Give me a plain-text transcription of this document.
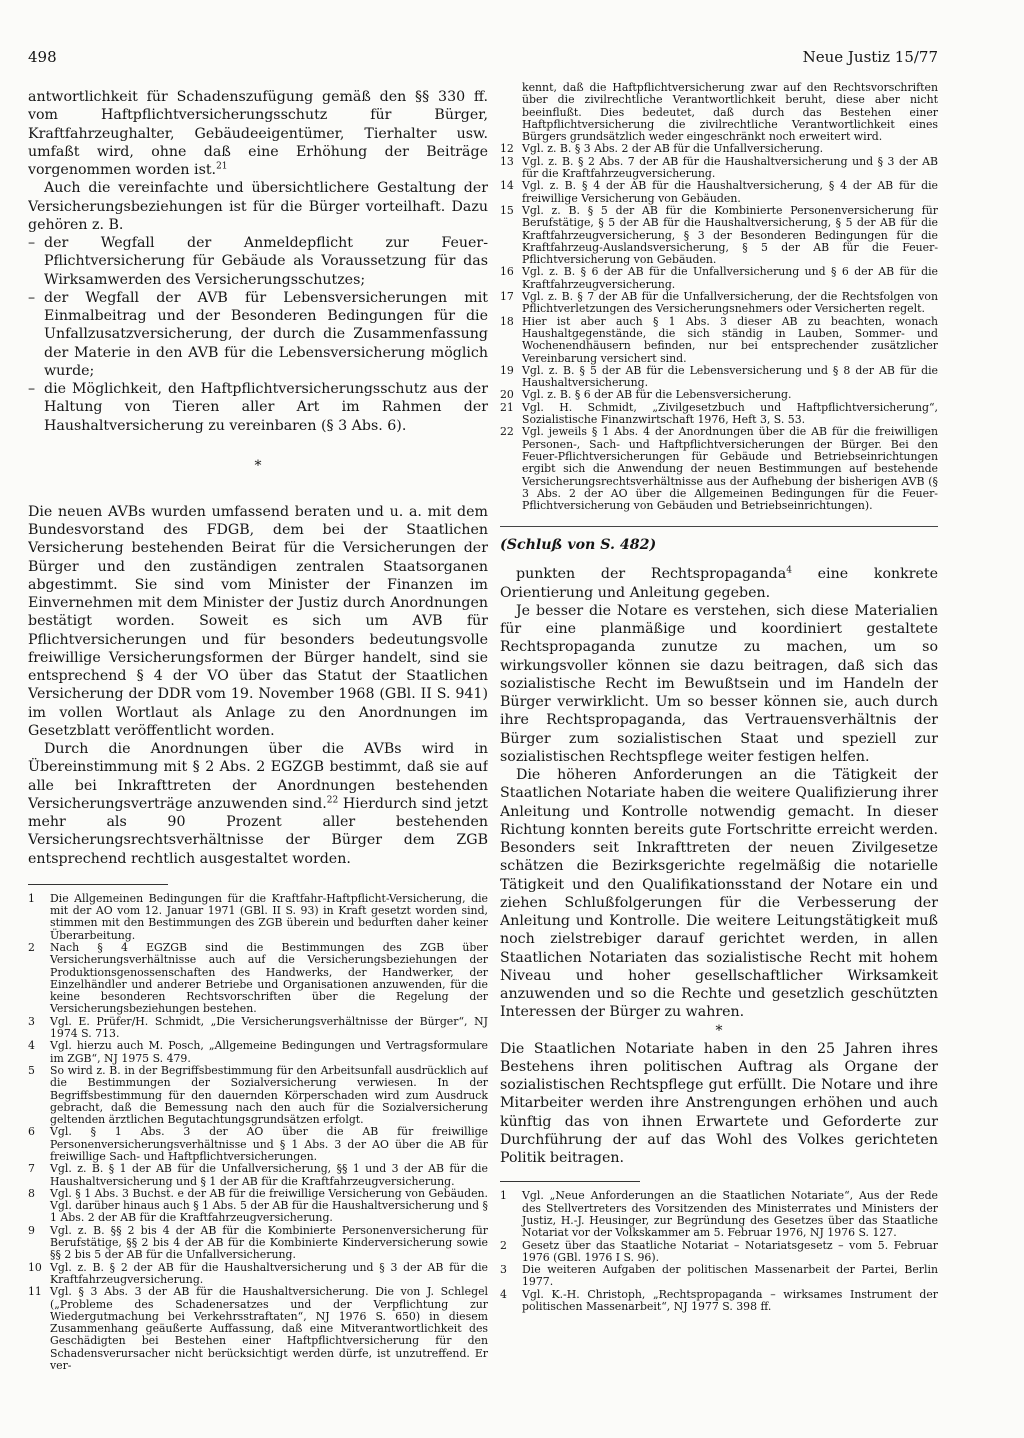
498	Neue Justiz 15/77

antwortlichkeit für Schadenszufügung gemäß den §§ 330 ff. vom Haftpflichtversicherungsschutz für Bürger, Kraftfahrzeughalter, Gebäudeeigentümer, Tierhalter usw. umfaßt wird, ohne daß eine Erhöhung der Beiträge vorgenommen worden ist.$^{21}$

Auch die vereinfachte und übersichtlichere Gestaltung der Versicherungsbeziehungen ist für die Bürger vorteilhaft. Dazu gehören z. B.

– der Wegfall der Anmeldepflicht zur Feuer-Pflichtversicherung für Gebäude als Voraussetzung für das Wirksamwerden des Versicherungsschutzes;
– der Wegfall der AVB für Lebensversicherungen mit Einmalbeitrag und der Besonderen Bedingungen für die Unfallzusatzversicherung, der durch die Zusammenfassung der Materie in den AVB für die Lebensversicherung möglich wurde;
– die Möglichkeit, den Haftpflichtversicherungsschutz aus der Haltung von Tieren aller Art im Rahmen der Haushaltversicherung zu vereinbaren (§ 3 Abs. 6).
*

Die neuen AVBs wurden umfassend beraten und u. a. mit dem Bundesvorstand des FDGB, dem bei der Staatlichen Versicherung bestehenden Beirat für die Versicherungen der Bürger und den zuständigen zentralen Staatsorganen abgestimmt. Sie sind vom Minister der Finanzen im Einvernehmen mit dem Minister der Justiz durch Anordnungen bestätigt worden. Soweit es sich um AVB für Pflichtversicherungen und für besonders bedeutungsvolle freiwillige Versicherungsformen der Bürger handelt, sind sie entsprechend § 4 der VO über das Statut der Staatlichen Versicherung der DDR vom 19. November 1968 (GBl. II S. 941) im vollen Wortlaut als Anlage zu den Anordnungen im Gesetzblatt veröffentlicht worden.

Durch die Anordnungen über die AVBs wird in Übereinstimmung mit § 2 Abs. 2 EGZGB bestimmt, daß sie auf alle bei Inkrafttreten der Anordnungen bestehenden Versicherungsverträge anzuwenden sind.$^{22}$ Hierdurch sind jetzt mehr als 90 Prozent aller bestehenden Versicherungsrechtsverhältnisse der Bürger dem ZGB entsprechend rechtlich ausgestaltet worden.

1 Die Allgemeinen Bedingungen für die Kraftfahr-Haftpflicht-Versicherung, die mit der AO vom 12. Januar 1971 (GBl. II S. 93) in Kraft gesetzt worden sind, stimmen mit den Bestimmungen des ZGB überein und bedurften daher keiner Überarbeitung.
2 Nach § 4 EGZGB sind die Bestimmungen des ZGB über Versicherungsverhältnisse auch auf die Versicherungsbeziehungen der Produktionsgenossenschaften des Handwerks, der Handwerker, der Einzelhändler und anderer Betriebe und Organisationen anzuwenden, für die keine besonderen Rechtsvorschriften über die Regelung der Versicherungsbeziehungen bestehen.
3 Vgl. E. Prüfer/H. Schmidt, „Die Versicherungsverhältnisse der Bürger“, NJ 1974 S. 713.
4 Vgl. hierzu auch M. Posch, „Allgemeine Bedingungen und Vertragsformulare im ZGB“, NJ 1975 S. 479.
5 So wird z. B. in der Begriffsbestimmung für den Arbeitsunfall ausdrücklich auf die Bestimmungen der Sozialversicherung verwiesen. In der Begriffsbestimmung für den dauernden Körperschaden wird zum Ausdruck gebracht, daß die Bemessung nach den auch für die Sozialversicherung geltenden ärztlichen Begutachtungsgrundsätzen erfolgt.
6 Vgl. § 1 Abs. 3 der AO über die AB für freiwillige Personenversicherungsverhältnisse und § 1 Abs. 3 der AO über die AB für freiwillige Sach- und Haftpflichtversicherungen.
7 Vgl. z. B. § 1 der AB für die Unfallversicherung, §§ 1 und 3 der AB für die Haushaltversicherung und § 1 der AB für die Kraftfahrzeugversicherung.
8 Vgl. § 1 Abs. 3 Buchst. e der AB für die freiwillige Versicherung von Gebäuden. Vgl. darüber hinaus auch § 1 Abs. 5 der AB für die Haushaltversicherung und § 1 Abs. 2 der AB für die Kraftfahrzeugversicherung.
9 Vgl. z. B. §§ 2 bis 4 der AB für die Kombinierte Personenversicherung für Berufstätige, §§ 2 bis 4 der AB für die Kombinierte Kinderversicherung sowie §§ 2 bis 5 der AB für die Unfallversicherung.
10 Vgl. z. B. § 2 der AB für die Haushaltversicherung und § 3 der AB für die Kraftfahrzeugversicherung.
11 Vgl. § 3 Abs. 3 der AB für die Haushaltversicherung. Die von J. Schlegel („Probleme des Schadenersatzes und der Verpflichtung zur Wiedergutmachung bei Verkehrsstraftaten“, NJ 1976 S. 650) in diesem Zusammenhang geäußerte Auffassung, daß eine Mitverantwortlichkeit des Geschädigten bei Bestehen einer Haftpflichtversicherung für den Schadensverursacher nicht berücksichtigt werden dürfe, ist unzutreffend. Er ver-
kennt, daß die Haftpflichtversicherung zwar auf den Rechtsvorschriften über die zivilrechtliche Verantwortlichkeit beruht, diese aber nicht beeinflußt. Dies bedeutet, daß durch das Bestehen einer Haftpflichtversicherung die zivilrechtliche Verantwortlichkeit eines Bürgers grundsätzlich weder eingeschränkt noch erweitert wird.
12 Vgl. z. B. § 3 Abs. 2 der AB für die Unfallversicherung.
13 Vgl. z. B. § 2 Abs. 7 der AB für die Haushaltversicherung und § 3 der AB für die Kraftfahrzeugversicherung.
14 Vgl. z. B. § 4 der AB für die Haushaltversicherung, § 4 der AB für die freiwillige Versicherung von Gebäuden.
15 Vgl. z. B. § 5 der AB für die Kombinierte Personenversicherung für Berufstätige, § 5 der AB für die Haushaltversicherung, § 5 der AB für die Kraftfahrzeugversicherung, § 3 der Besonderen Bedingungen für die Kraftfahrzeug-Auslandsversicherung, § 5 der AB für die Feuer-Pflichtversicherung von Gebäuden.
16 Vgl. z. B. § 6 der AB für die Unfallversicherung und § 6 der AB für die Kraftfahrzeugversicherung.
17 Vgl. z. B. § 7 der AB für die Unfallversicherung, der die Rechtsfolgen von Pflichtverletzungen des Versicherungsnehmers oder Versicherten regelt.
18 Hier ist aber auch § 1 Abs. 3 dieser AB zu beachten, wonach Haushaltgegenstände, die sich ständig in Lauben, Sommer- und Wochenendhäusern befinden, nur bei entsprechender zusätzlicher Vereinbarung versichert sind.
19 Vgl. z. B. § 5 der AB für die Lebensversicherung und § 8 der AB für die Haushaltversicherung.
20 Vgl. z. B. § 6 der AB für die Lebensversicherung.
21 Vgl. H. Schmidt, „Zivilgesetzbuch und Haftpflichtversicherung“, Sozialistische Finanzwirtschaft 1976, Heft 3, S. 53.
22 Vgl. jeweils § 1 Abs. 4 der Anordnungen über die AB für die freiwilligen Personen-, Sach- und Haftpflichtversicherungen der Bürger. Bei den Feuer-Pflichtversicherungen für Gebäude und Betriebseinrichtungen ergibt sich die Anwendung der neuen Bestimmungen auf bestehende Versicherungsrechtsverhältnisse aus der Aufhebung der bisherigen AVB (§ 3 Abs. 2 der AO über die Allgemeinen Bedingungen für die Feuer-Pflichtversicherung von Gebäuden und Betriebseinrichtungen).

(Schluß von S. 482)

punkten der Rechtspropaganda$^4$ eine konkrete Orientierung und Anleitung gegeben.

Je besser die Notare es verstehen, sich diese Materialien für eine planmäßige und koordiniert gestaltete Rechtspropaganda zunutze zu machen, um so wirkungsvoller können sie dazu beitragen, daß sich das sozialistische Recht im Bewußtsein und im Handeln der Bürger verwirklicht. Um so besser können sie, auch durch ihre Rechtspropaganda, das Vertrauensverhältnis der Bürger zum sozialistischen Staat und speziell zur sozialistischen Rechtspflege weiter festigen helfen.

Die höheren Anforderungen an die Tätigkeit der Staatlichen Notariate haben die weitere Qualifizierung ihrer Anleitung und Kontrolle notwendig gemacht. In dieser Richtung konnten bereits gute Fortschritte erreicht werden. Besonders seit Inkrafttreten der neuen Zivilgesetze schätzen die Bezirksgerichte regelmäßig die notarielle Tätigkeit und den Qualifikationsstand der Notare ein und ziehen Schlußfolgerungen für die Verbesserung der Anleitung und Kontrolle. Die weitere Leitungstätigkeit muß noch zielstrebiger darauf gerichtet werden, in allen Staatlichen Notariaten das sozialistische Recht mit hohem Niveau und hoher gesellschaftlicher Wirksamkeit anzuwenden und so die Rechte und gesetzlich geschützten Interessen der Bürger zu wahren.

*

Die Staatlichen Notariate haben in den 25 Jahren ihres Bestehens ihren politischen Auftrag als Organe der sozialistischen Rechtspflege gut erfüllt. Die Notare und ihre Mitarbeiter werden ihre Anstrengungen erhöhen und auch künftig das von ihnen Erwartete und Geforderte zur Durchführung der auf das Wohl des Volkes gerichteten Politik beitragen.

1 Vgl. „Neue Anforderungen an die Staatlichen Notariate“, Aus der Rede des Stellvertreters des Vorsitzenden des Ministerrates und Ministers der Justiz, H.-J. Heusinger, zur Begründung des Gesetzes über das Staatliche Notariat vor der Volkskammer am 5. Februar 1976, NJ 1976 S. 127.
2 Gesetz über das Staatliche Notariat – Notariatsgesetz – vom 5. Februar 1976 (GBl. 1976 I S. 96).
3 Die weiteren Aufgaben der politischen Massenarbeit der Partei, Berlin 1977.
4 Vgl. K.-H. Christoph, „Rechtspropaganda – wirksames Instrument der politischen Massenarbeit“, NJ 1977 S. 398 ff.
